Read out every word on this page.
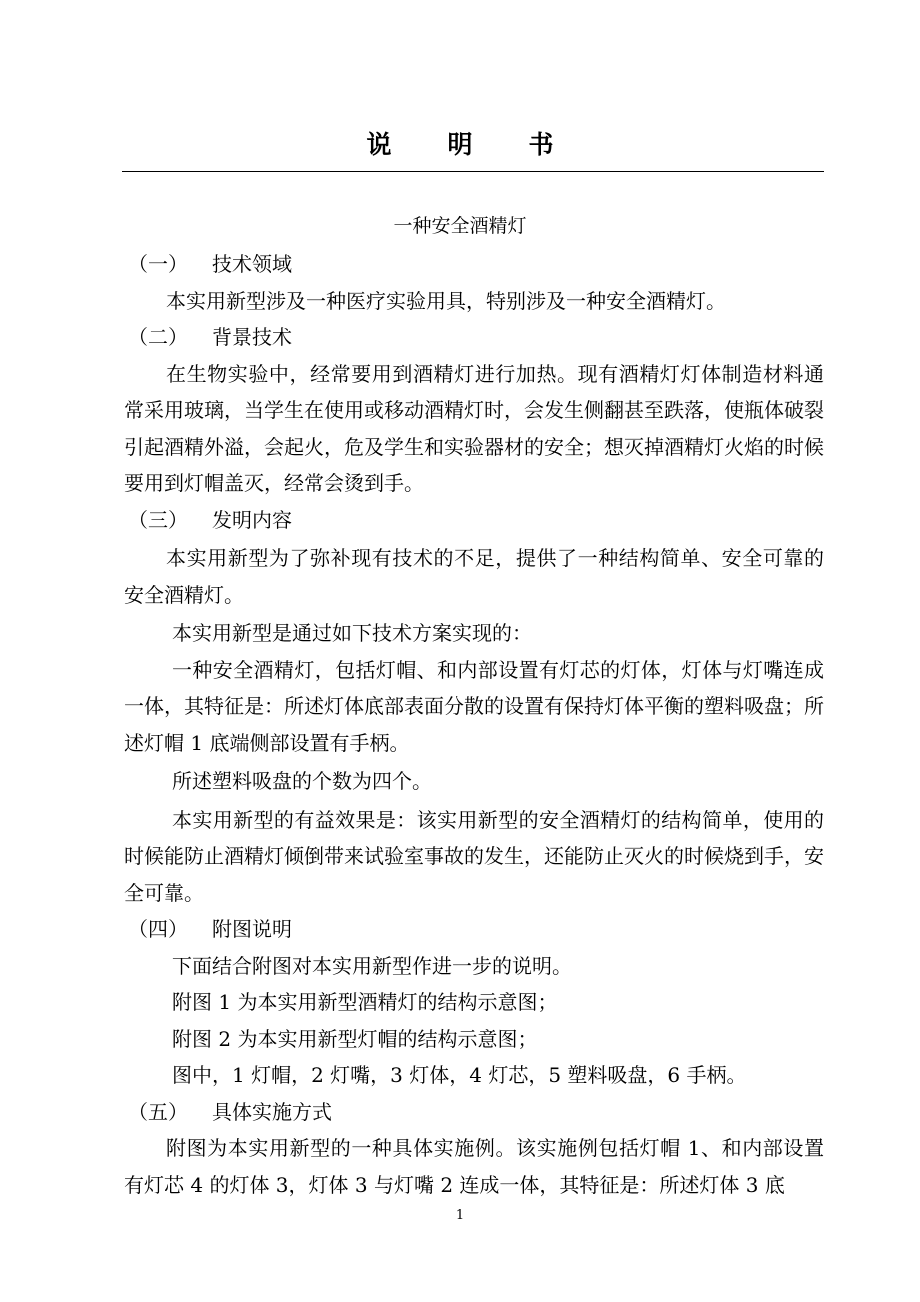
说 明 书
一种安全酒精灯
（一） 技术领域
本实用新型涉及一种医疗实验用具，特别涉及一种安全酒精灯。
（二） 背景技术
在生物实验中，经常要用到酒精灯进行加热。现有酒精灯灯体制造材料通常采用玻璃，当学生在使用或移动酒精灯时，会发生侧翻甚至跌落，使瓶体破裂引起酒精外溢，会起火，危及学生和实验器材的安全；想灭掉酒精灯火焰的时候要用到灯帽盖灭，经常会烫到手。
（三） 发明内容
本实用新型为了弥补现有技术的不足，提供了一种结构简单、安全可靠的安全酒精灯。
本实用新型是通过如下技术方案实现的：
一种安全酒精灯，包括灯帽、和内部设置有灯芯的灯体，灯体与灯嘴连成一体，其特征是：所述灯体底部表面分散的设置有保持灯体平衡的塑料吸盘；所述灯帽 1 底端侧部设置有手柄。
所述塑料吸盘的个数为四个。
本实用新型的有益效果是：该实用新型的安全酒精灯的结构简单，使用的时候能防止酒精灯倾倒带来试验室事故的发生，还能防止灭火的时候烧到手，安全可靠。
（四） 附图说明
下面结合附图对本实用新型作进一步的说明。
附图 1 为本实用新型酒精灯的结构示意图；
附图 2 为本实用新型灯帽的结构示意图；
图中，1 灯帽，2 灯嘴，3 灯体，4 灯芯，5 塑料吸盘，6 手柄。
（五） 具体实施方式
附图为本实用新型的一种具体实施例。该实施例包括灯帽 1、和内部设置有灯芯 4 的灯体 3，灯体 3 与灯嘴 2 连成一体，其特征是：所述灯体 3 底
1
